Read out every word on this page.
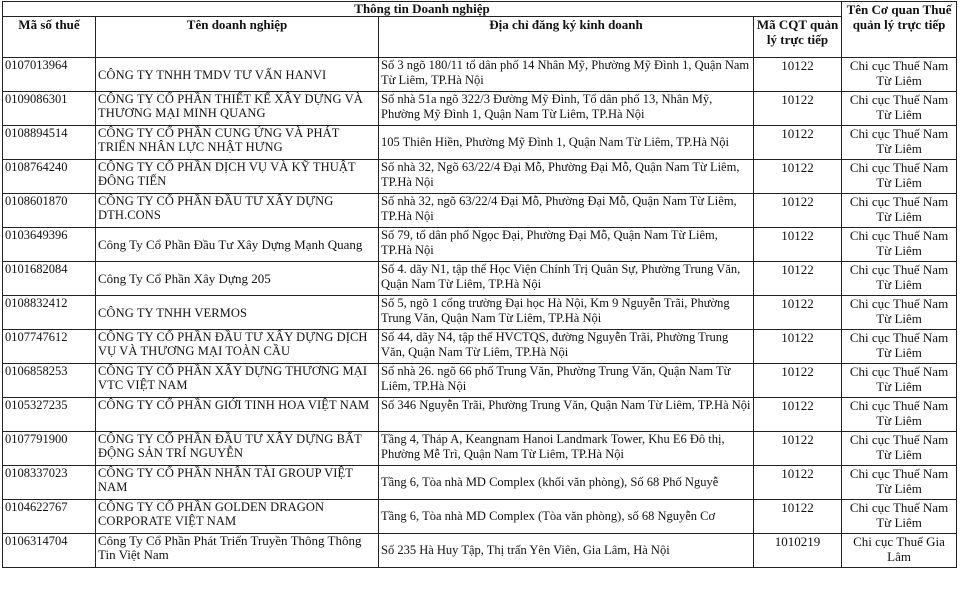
Thông tin Doanh nghiệp				Tên Cơ quan Thuế quản lý trực tiếp
Mã số thuế	Tên doanh nghiệp	Địa chỉ đăng ký kinh doanh	Mã CQT quản lý trực tiếp	
0107013964	CÔNG TY TNHH TMDV TƯ VẤN HANVI	Số 3 ngõ 180/11 tổ dân phố 14 Nhân Mỹ, Phường Mỹ Đình 1, Quận Nam Từ Liêm, TP.Hà Nội	10122	Chi cục Thuế Nam Từ Liêm
0109086301	CÔNG TY CỔ PHẦN THIẾT KẾ XÂY DỰNG VÀ THƯƠNG MẠI MINH QUANG	Số nhà 51a ngõ 322/3 Đường Mỹ Đình, Tổ dân phố 13, Nhân Mỹ, Phường Mỹ Đình 1, Quận Nam Từ Liêm, TP.Hà Nội	10122	Chi cục Thuế Nam Từ Liêm
0108894514	CÔNG TY CỔ PHẦN CUNG ỨNG VÀ PHÁT TRIỂN NHÂN LỰC NHẬT HƯNG	105 Thiên Hiền, Phường Mỹ Đình 1, Quận Nam Từ Liêm, TP.Hà Nội	10122	Chi cục Thuế Nam Từ Liêm
0108764240	CÔNG TY CỔ PHẦN DỊCH VỤ VÀ KỸ THUẬT ĐÔNG TIẾN	Số nhà 32, Ngõ 63/22/4 Đại Mỗ, Phường Đại Mỗ, Quận Nam Từ Liêm, TP.Hà Nội	10122	Chi cục Thuế Nam Từ Liêm
0108601870	CÔNG TY CỔ PHẦN ĐẦU TƯ XÂY DỰNG DTH.CONS	Số nhà 32, ngõ 63/22/4 Đại Mỗ, Phường Đại Mỗ, Quận Nam Từ Liêm, TP.Hà Nội	10122	Chi cục Thuế Nam Từ Liêm
0103649396	Công Ty Cổ Phần Đầu Tư Xây Dựng Mạnh Quang	Số 79, tổ dân phố Ngọc Đại, Phường Đại Mỗ, Quận Nam Từ Liêm, TP.Hà Nội	10122	Chi cục Thuế Nam Từ Liêm
0101682084	Công Ty Cổ Phần Xây Dựng 205	Số 4. dãy N1, tập thể Học Viện Chính Trị Quân Sự, Phường Trung Văn, Quận Nam Từ Liêm, TP.Hà Nội	10122	Chi cục Thuế Nam Từ Liêm
0108832412	CÔNG TY TNHH VERMOS	Số 5, ngõ 1 cổng trường Đại học Hà Nội, Km 9 Nguyễn Trãi, Phường Trung Văn, Quận Nam Từ Liêm, TP.Hà Nội	10122	Chi cục Thuế Nam Từ Liêm
0107747612	CÔNG TY CỔ PHẦN ĐẦU TƯ XÂY DỰNG DỊCH VỤ VÀ THƯƠNG MẠI TOÀN CẦU	Số 44, dãy N4, tập thể HVCTQS, đường Nguyễn Trãi, Phường Trung Văn, Quận Nam Từ Liêm, TP.Hà Nội	10122	Chi cục Thuế Nam Từ Liêm
0106858253	CÔNG TY CỔ PHẦN XÂY DỰNG THƯƠNG MẠI VTC VIỆT NAM	Số nhà 26. ngõ 66 phố Trung Văn, Phường Trung Văn, Quận Nam Từ Liêm, TP.Hà Nội	10122	Chi cục Thuế Nam Từ Liêm
0105327235	CÔNG TY CỔ PHẦN GIỚI TINH HOA VIỆT NAM	Số 346 Nguyễn Trãi, Phường Trung Văn, Quận Nam Từ Liêm, TP.Hà Nội	10122	Chi cục Thuế Nam Từ Liêm
0107791900	CÔNG TY CỔ PHẦN ĐẦU TƯ XÂY DỰNG BẤT ĐỘNG SẢN TRÍ NGUYỄN	Tầng 4, Tháp A, Keangnam Hanoi Landmark Tower, Khu E6 Đô thị, Phường Mễ Trì, Quận Nam Từ Liêm, TP.Hà Nội	10122	Chi cục Thuế Nam Từ Liêm
0108337023	CÔNG TY CỔ PHẦN NHÂN TÀI GROUP VIỆT NAM	Tầng 6, Tòa nhà MD Complex (khối văn phòng), Số 68 Phố Nguyễ	10122	Chi cục Thuế Nam Từ Liêm
0104622767	CÔNG TY CỔ PHẦN GOLDEN DRAGON CORPORATE VIỆT NAM	Tầng 6, Tòa nhà MD Complex (Tòa văn phòng), số 68 Nguyễn Cơ	10122	Chi cục Thuế Nam Từ Liêm
0106314704	Công Ty Cổ Phần Phát Triển Truyền Thông Thông Tin Việt Nam	Số 235 Hà Huy Tập, Thị trấn Yên Viên, Gia Lâm, Hà Nội	1010219	Chi cục Thuế Gia Lâm
